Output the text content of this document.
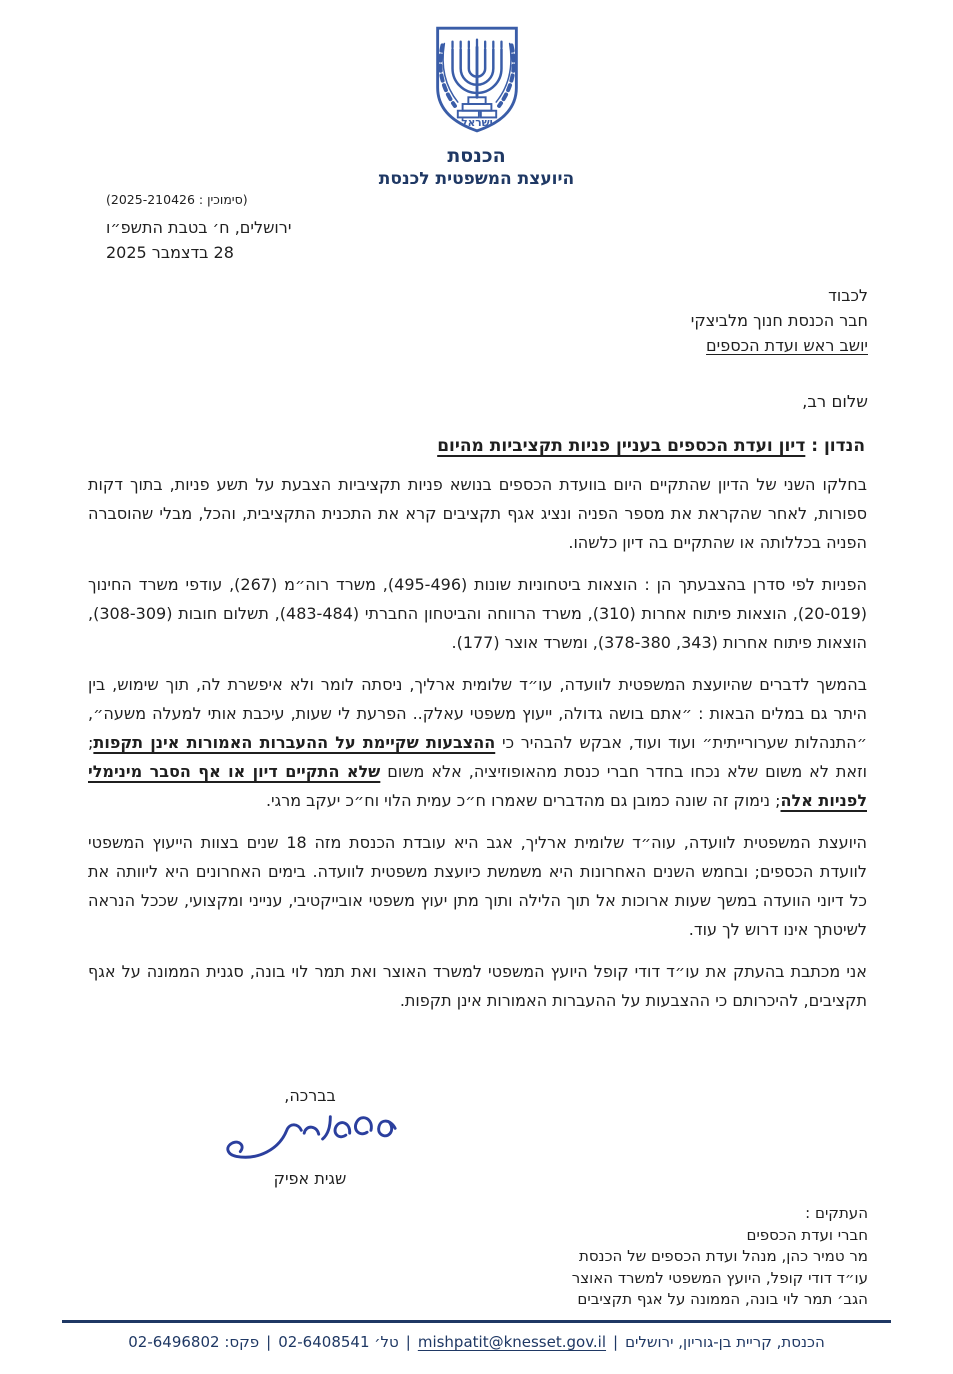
ישראל
הכנסת
היועצת המשפטית לכנסת
(סימוכין : 2025-210426)
ירושלים, ח׳ בטבת התשפ״ו
28 בדצמבר 2025
לכבוד
חבר הכנסת חנוך מלביצקי
יושב ראש ועדת הכספים
שלום רב,
הנדון : דיון ועדת הכספים בעניין פניות תקציביות מהיום

בחלקו השני של הדיון שהתקיים היום בוועדת הכספים בנושא פניות תקציביות הצבעת על תשע פניות, בתוך דקות ספורות, לאחר שהקראת את מספר הפניה ונציג אגף תקציבים קרא את התכנית התקציבית, והכל, מבלי שהוסברה הפניה בכללותה או שהתקיים בה דיון כלשהו.

הפניות לפי סדרן בהצבעתך הן : הוצאות ביטחוניות שונות (495-496), משרד רוה״מ (267), עודפי משרד החינוך (20-019), הוצאות פיתוח אחרות (310), משרד הרווחה והביטחון החברתי (483-484), תשלום חובות (308-309), הוצאות פיתוח אחרות (343, 378-380), ומשרד אוצר (177).

בהמשך לדברים שהיועצת המשפטית לוועדה, עו״ד שלומית ארליך, ניסתה לומר ולא איפשרת לה, תוך שימוש, בין היתר גם במלים הבאות : ״אתם בושה גדולה, ייעוץ משפטי עאלק.. הפרעת לי שעות, עיכבת אותי למעלה משעה״, ״התנהלות שערורייתית״ ועוד ועוד, אבקש להבהיר כי ההצבעות שקיימת על ההעברות האמורות אינן תקפות; וזאת לא משום שלא נכחו בחדר חברי כנסת מהאופוזיציה, אלא משום שלא התקיים דיון או אף הסבר מינימלי לפניות אלה; נימוק זה שונה כמובן גם מהדברים שאמרו ח״כ עמית הלוי וח״כ יעקב מרגי.

היועצת המשפטית לוועדה, עוה״ד שלומית ארליך, אגב היא עובדת הכנסת מזה 18 שנים בצוות הייעוץ המשפטי לוועדת הכספים; ובחמש השנים האחרונות היא משמשת כיועצת משפטית לוועדה. בימים האחרונים היא ליוותה את כל דיוני הוועדה במשך שעות ארוכות אל תוך הלילה ותוך מתן יעוץ משפטי אובייקטיבי, ענייני ומקצועי, שככל הנראה לשיטתך אינו דרוש לך עוד.

אני מכתבת בהעתק את עו״ד דודי קופל היועץ המשפטי למשרד האוצר ואת תמר לוי בונה, סגנית הממונה על אגף תקציבים, להיכרותם כי ההצבעות על ההעברות האמורות אינן תקפות.

בברכה,
שגית אפיק
העתקים :
חברי ועדת הכספים
מר טמיר כהן, מנהל ועדת הכספים של הכנסת
עו״ד דודי קופל, היועץ המשפטי למשרד האוצר
הגב׳ תמר לוי בונה, הממונה על אגף תקציבים
הכנסת, קריית בן-גוריון, ירושלים|mishpatit@knesset.gov.il|טל׳ 02-6408541|פקס: 02-6496802
